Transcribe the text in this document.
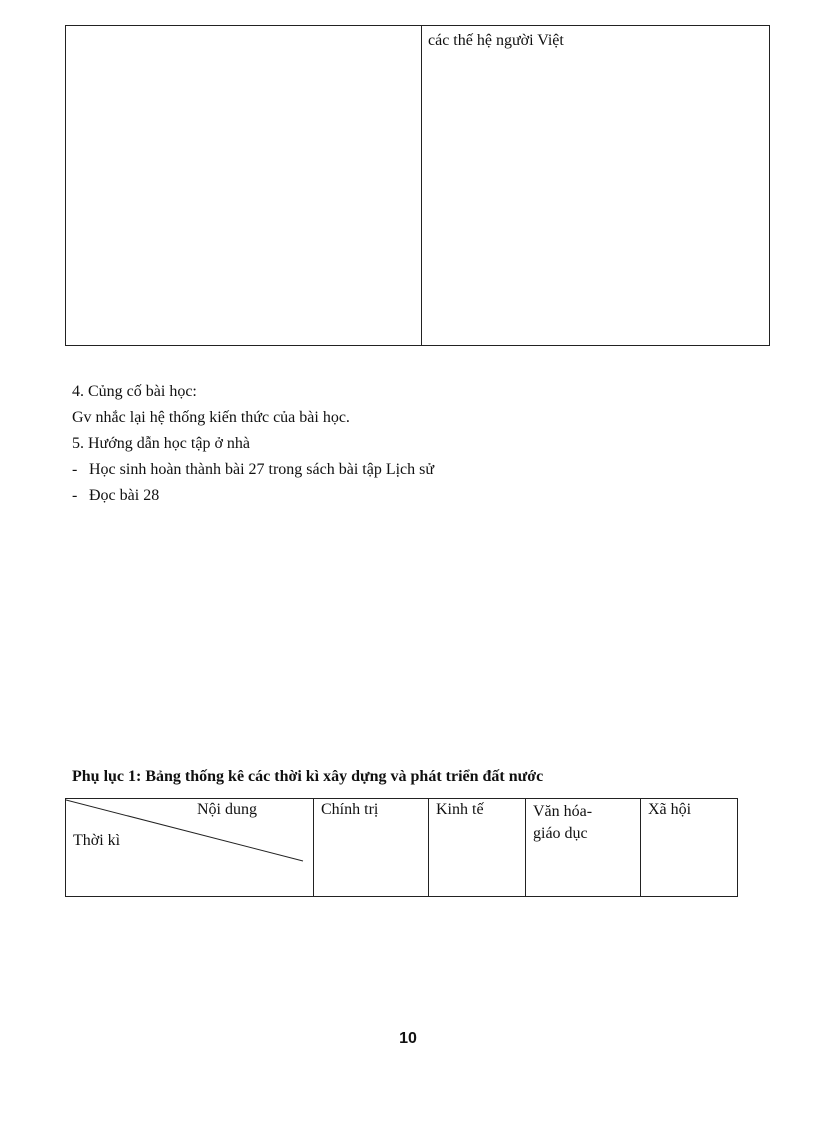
các thế hệ người Việt
4. Củng cố bài học:
Gv nhắc lại hệ thống kiến thức của bài học.
5. Hướng dẫn học tập ở nhà
- Học sinh hoàn thành bài 27 trong sách bài tập Lịch sử
- Đọc bài 28
Phụ lục 1: Bảng thống kê các thời kì xây dựng và phát triển đất nước
Nội dung
Thời kì
Chính trị	Kinh tế	Văn hóa-
giáo dục
Xã hội
10
